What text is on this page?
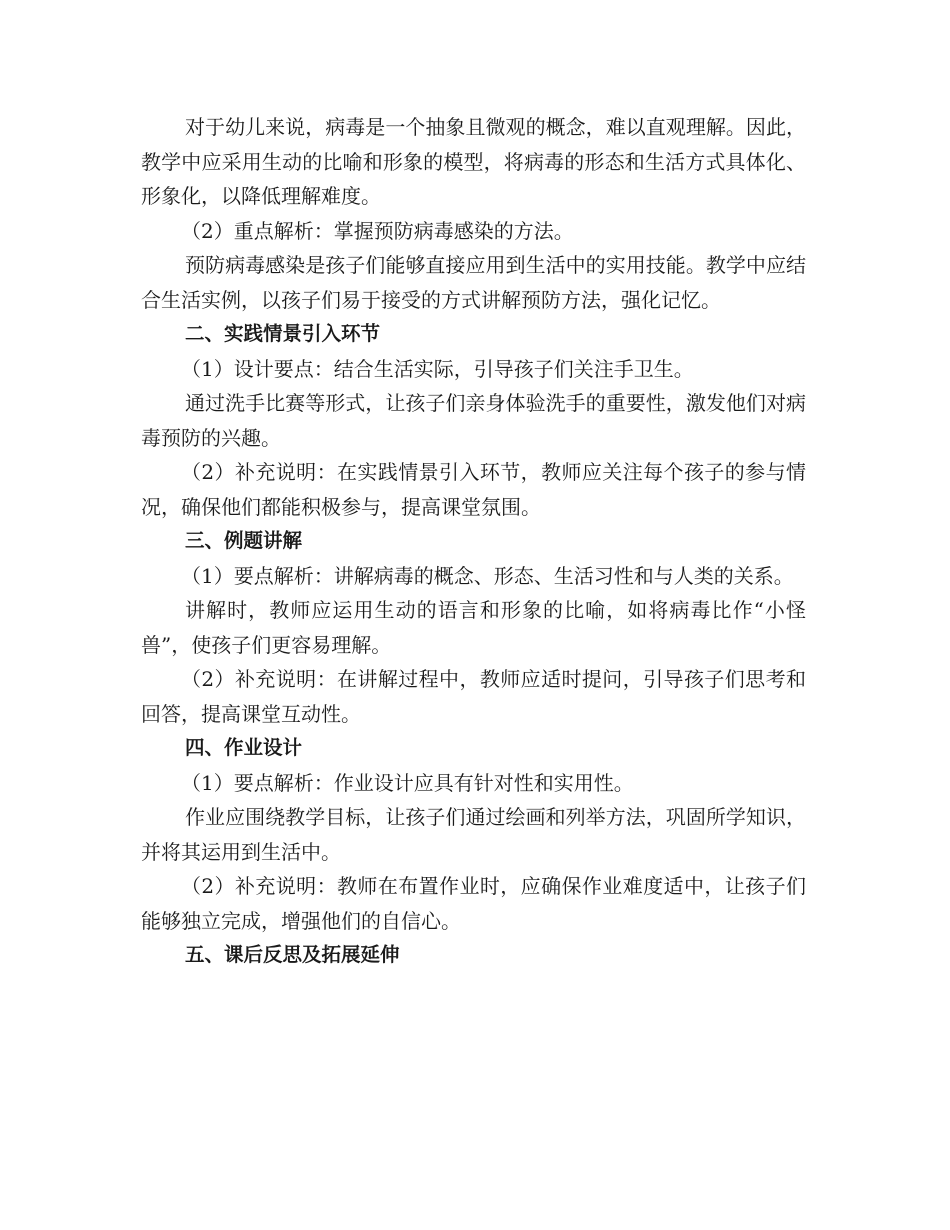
对于幼儿来说，病毒是一个抽象且微观的概念，难以直观理解。因此，教学中应采用生动的比喻和形象的模型，将病毒的形态和生活方式具体化、形象化，以降低理解难度。

（2）重点解析：掌握预防病毒感染的方法。

预防病毒感染是孩子们能够直接应用到生活中的实用技能。教学中应结合生活实例，以孩子们易于接受的方式讲解预防方法，强化记忆。

二、实践情景引入环节

（1）设计要点：结合生活实际，引导孩子们关注手卫生。

通过洗手比赛等形式，让孩子们亲身体验洗手的重要性，激发他们对病毒预防的兴趣。

（2）补充说明：在实践情景引入环节，教师应关注每个孩子的参与情况，确保他们都能积极参与，提高课堂氛围。

三、例题讲解

（1）要点解析：讲解病毒的概念、形态、生活习性和与人类的关系。

讲解时，教师应运用生动的语言和形象的比喻，如将病毒比作“小怪兽”，使孩子们更容易理解。

（2）补充说明：在讲解过程中，教师应适时提问，引导孩子们思考和回答，提高课堂互动性。

四、作业设计

（1）要点解析：作业设计应具有针对性和实用性。

作业应围绕教学目标，让孩子们通过绘画和列举方法，巩固所学知识，并将其运用到生活中。

（2）补充说明：教师在布置作业时，应确保作业难度适中，让孩子们能够独立完成，增强他们的自信心。

五、课后反思及拓展延伸
